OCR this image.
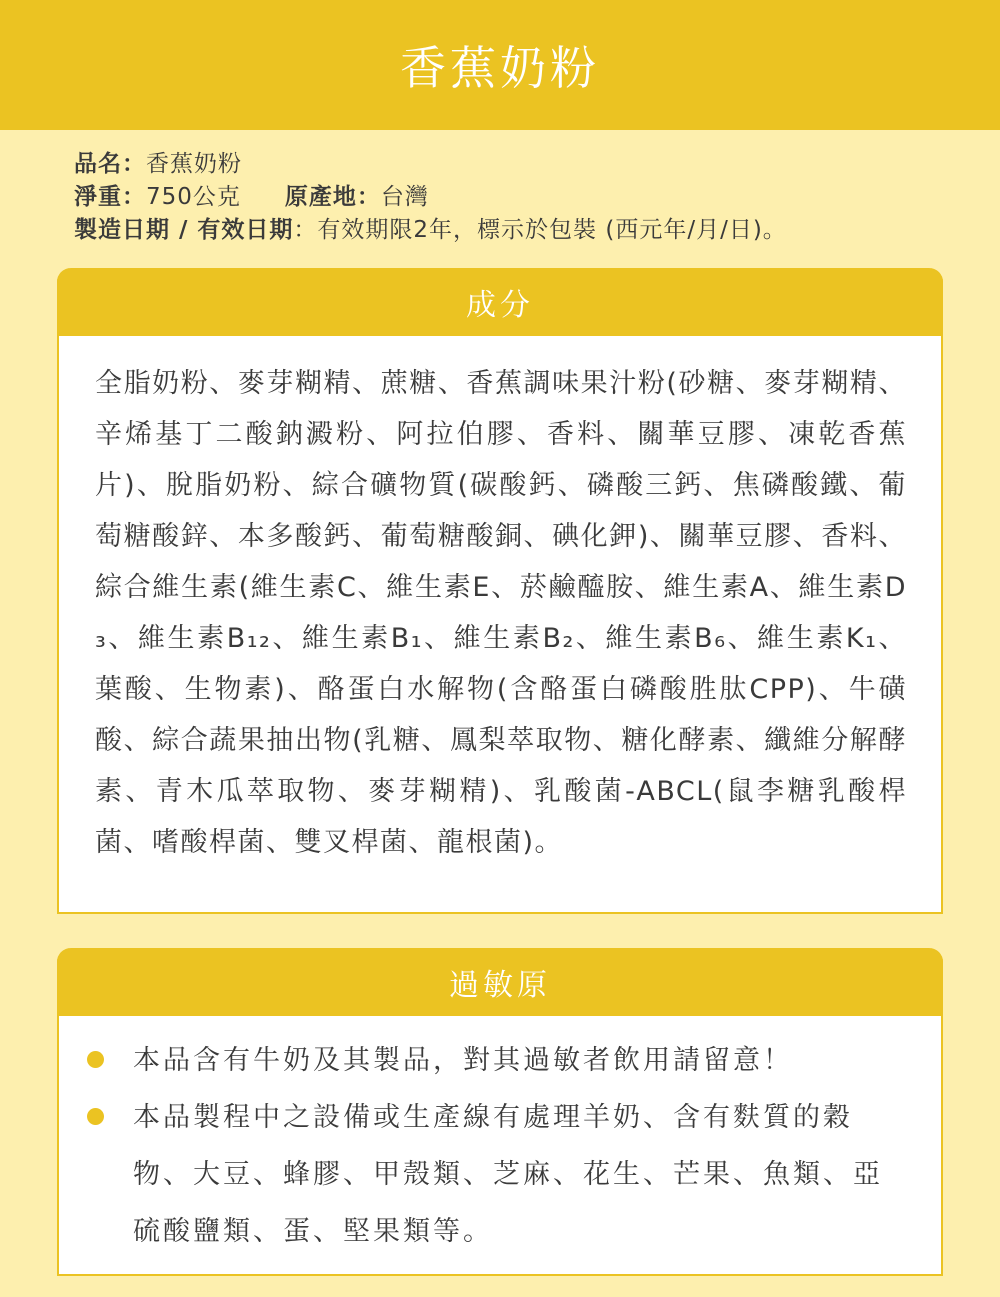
香蕉奶粉
品名：香蕉奶粉
淨重：750公克 原產地：台灣
製造日期 / 有效日期：有效期限2年，標示於包裝 (西元年/月/日)。
成分
全脂奶粉、麥芽糊精、蔗糖、香蕉調味果汁粉(砂糖、麥芽糊精、辛烯基丁二酸鈉澱粉、阿拉伯膠、香料、關華豆膠、凍乾香蕉片)、脫脂奶粉、綜合礦物質(碳酸鈣、磷酸三鈣、焦磷酸鐵、葡萄糖酸鋅、本多酸鈣、葡萄糖酸銅、碘化鉀)、關華豆膠、香料、綜合維生素(維生素C、維生素E、菸鹼醯胺、維生素A、維生素D₃、維生素B₁₂、維生素B₁、維生素B₂、維生素B₆、維生素K₁、葉酸、生物素)、酪蛋白水解物(含酪蛋白磷酸胜肽CPP)、牛磺酸、綜合蔬果抽出物(乳糖、鳳梨萃取物、糖化酵素、纖維分解酵素、青木瓜萃取物、麥芽糊精)、乳酸菌-ABCL(鼠李糖乳酸桿菌、嗜酸桿菌、雙叉桿菌、龍根菌)。
過敏原
本品含有牛奶及其製品，對其過敏者飲用請留意！
本品製程中之設備或生產線有處理羊奶、含有麩質的穀物、大豆、蜂膠、甲殼類、芝麻、花生、芒果、魚類、亞硫酸鹽類、蛋、堅果類等。
